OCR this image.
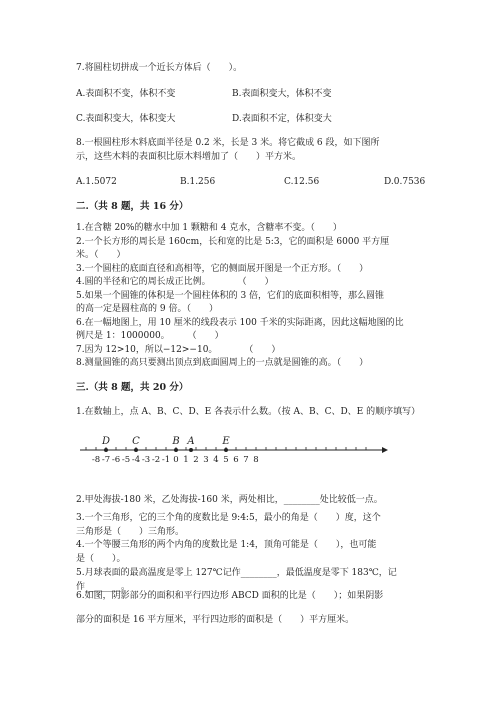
7.将圆柱切拼成一个近长方体后（　　）。
A.表面积不变，体积不变	B.表面积变大，体积不变
C.表面积变大，体积变大	D.表面积不定，体积变大
8.一根圆柱形木料底面半径是 0.2 米，长是 3 米。将它截成 6 段，如下图所
示，这些木料的表面积比原木料增加了（　　）平方米。
A.1.5072	B.1.256	C.12.56	D.0.7536
二.（共 8 题，共 16 分）
1.在含糖 20%的糖水中加 1 颗糖和 4 克水，含糖率不变。（　　）
2.一个长方形的周长是 160cm，长和宽的比是 5:3，它的面积是 6000 平方厘
米。（　　）
3.一个圆柱的底面直径和高相等，它的侧面展开图是一个正方形。（　　）
4.圆的半径和它的周长成正比例。　　　　（　　）
5.如果一个圆锥的体积是一个圆柱体积的 3 倍，它们的底面积相等，那么圆锥
的高一定是圆柱高的 9 倍。（　　）
6.在一幅地图上，用 10 厘米的线段表示 100 千米的实际距离，因此这幅地图的比
例尺是 1：1000000。　　　（　　）
7.因为 12>10，所以−12>−10。　　　　（　　）
8.测量圆锥的高只要测出顶点到底面圆周上的一点就是圆锥的高。（　　）
三.（共 8 题，共 20 分）
1.在数轴上，点 A、B、C、D、E 各表示什么数。（按 A、B、C、D、E 的顺序填写）
-8 -7 -6 -5 -4 -3 -2 -1 0 1 2 3 4 5 6 7 8
D C	B A	E
2.甲处海拔-180 米，乙处海拔-160 米，两处相比，________处比较低一点。
3.一个三角形，它的三个角的度数比是 9:4:5，最小的角是（　　）度，这个
三角形是（　　）三角形。
4.一个等腰三角形的两个内角的度数比是 1:4，顶角可能是（　　），也可能
是（　　）。
5.月球表面的最高温度是零上 127℃记作________，最低温度是零下 183℃，记
作________。
6.如图，阴影部分的面积和平行四边形 ABCD 面积的比是（　　）；如果阴影
部分的面积是 16 平方厘米，平行四边形的面积是（　　）平方厘米。
